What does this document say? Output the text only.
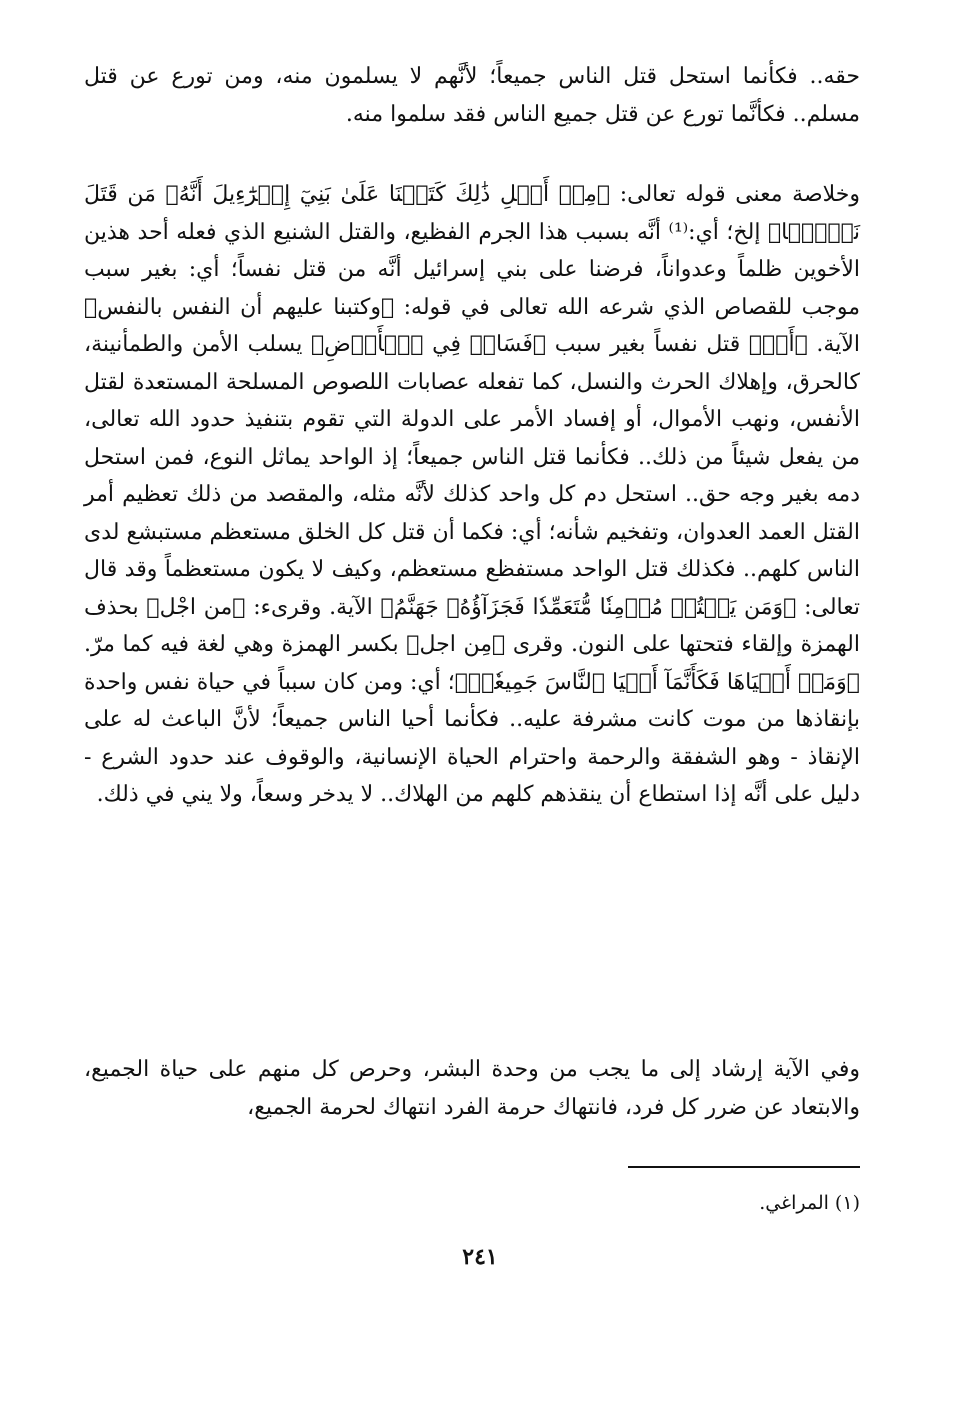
حقه.. فكأنما استحل قتل الناس جميعاً؛ لأنَّهم لا يسلمون منه، ومن تورع عن قتل مسلم.. فكأنَّما تورع عن قتل جميع الناس فقد سلموا منه.

وخلاصة معنى قوله تعالى: ﴿مِنۡ أَجۡلِ ذَٰلِكَ كَتَبۡنَا عَلَىٰ بَنِيٓ إِسۡرَٰٓءِيلَ أَنَّهُۥ مَن قَتَلَ نَفۡسَۢا﴾ إلخ؛ أي:⁽¹⁾ أنَّه بسبب هذا الجرم الفظيع، والقتل الشنيع الذي فعله أحد هذين الأخوين ظلماً وعدواناً، فرضنا على بني إسرائيل أنَّه من قتل نفساً؛ أي: بغير سبب موجب للقصاص الذي شرعه الله تعالى في قوله: ﴿وكتبنا عليهم أن النفس بالنفس﴾ الآية. ﴿أَوۡ﴾ قتل نفساً بغير سبب ﴿فَسَادٖ فِي ٱلۡأَرۡضِ﴾ يسلب الأمن والطمأنينة، كالحرق، وإهلاك الحرث والنسل، كما تفعله عصابات اللصوص المسلحة المستعدة لقتل الأنفس، ونهب الأموال، أو إفساد الأمر على الدولة التي تقوم بتنفيذ حدود الله تعالى، من يفعل شيئاً من ذلك.. فكأنما قتل الناس جميعاً؛ إذ الواحد يماثل النوع، فمن استحل دمه بغير وجه حق.. استحل دم كل واحد كذلك لأنَّه مثله، والمقصد من ذلك تعظيم أمر القتل العمد العدوان، وتفخيم شأنه؛ أي: فكما أن قتل كل الخلق مستعظم مستبشع لدى الناس كلهم.. فكذلك قتل الواحد مستفظع مستعظم، وكيف لا يكون مستعظماً وقد قال تعالى: ﴿وَمَن يَقۡتُلۡ مُؤۡمِنٗا مُّتَعَمِّدٗا فَجَزَآؤُهُۥ جَهَنَّمُ﴾ الآية. وقرىء: ﴿من اجْل﴾ بحذف الهمزة وإلقاء فتحتها على النون. وقرى ﴿مِن اجل﴾ بكسر الهمزة وهي لغة فيه كما مرّ. ﴿وَمَنۡ أَحۡيَاهَا فَكَأَنَّمَآ أَحۡيَا ٱلنَّاسَ جَمِيعٗاۚ﴾؛ أي: ومن كان سبباً في حياة نفس واحدة بإنقاذها من موت كانت مشرفة عليه.. فكأنما أحيا الناس جميعاً؛ لأنَّ الباعث له على الإنقاذ - وهو الشفقة والرحمة واحترام الحياة الإنسانية، والوقوف عند حدود الشرع - دليل على أنَّه إذا استطاع أن ينقذهم كلهم من الهلاك.. لا يدخر وسعاً، ولا يني في ذلك.

وفي الآية إرشاد إلى ما يجب من وحدة البشر، وحرص كل منهم على حياة الجميع، والابتعاد عن ضرر كل فرد، فانتهاك حرمة الفرد انتهاك لحرمة الجميع،

(١) المراغي.
٢٤١
